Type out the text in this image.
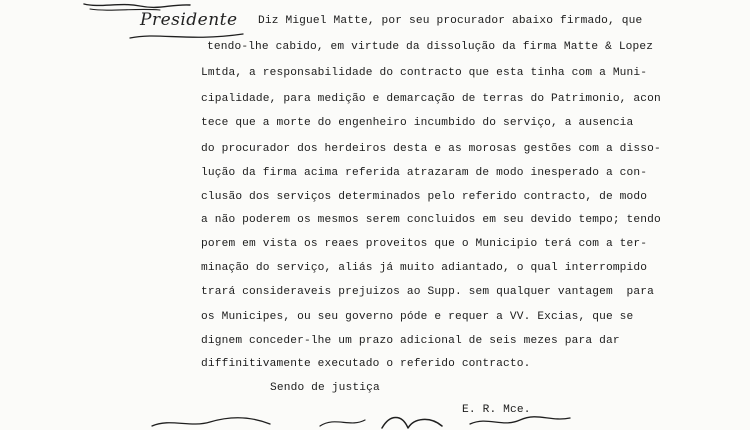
Presidente Diz Miguel Matte, por seu procurador abaixo firmado, que
tendo-lhe cabido, em virtude da dissolução da firma Matte & Lopez
Lmtda, a responsabilidade do contracto que esta tinha com a Muni-
cipalidade, para medição e demarcação de terras do Patrimonio, acon
tece que a morte do engenheiro incumbido do serviço, a ausencia
do procurador dos herdeiros desta e as morosas gestões com a disso-
lução da firma acima referida atrazaram de modo inesperado a con-
clusão dos serviços determinados pelo referido contracto, de modo
a não poderem os mesmos serem concluidos em seu devido tempo; tendo
porem em vista os reaes proveitos que o Municipio terá com a ter-
minação do serviço, aliás já muito adiantado, o qual interrompido
trará consideraveis prejuizos ao Supp. sem qualquer vantagem  para
os Municipes, ou seu governo póde e requer a VV. Excias, que se
dignem conceder-lhe um prazo adicional de seis mezes para dar
diffinitivamente executado o referido contracto.
Sendo de justiça
E. R. Mce.
